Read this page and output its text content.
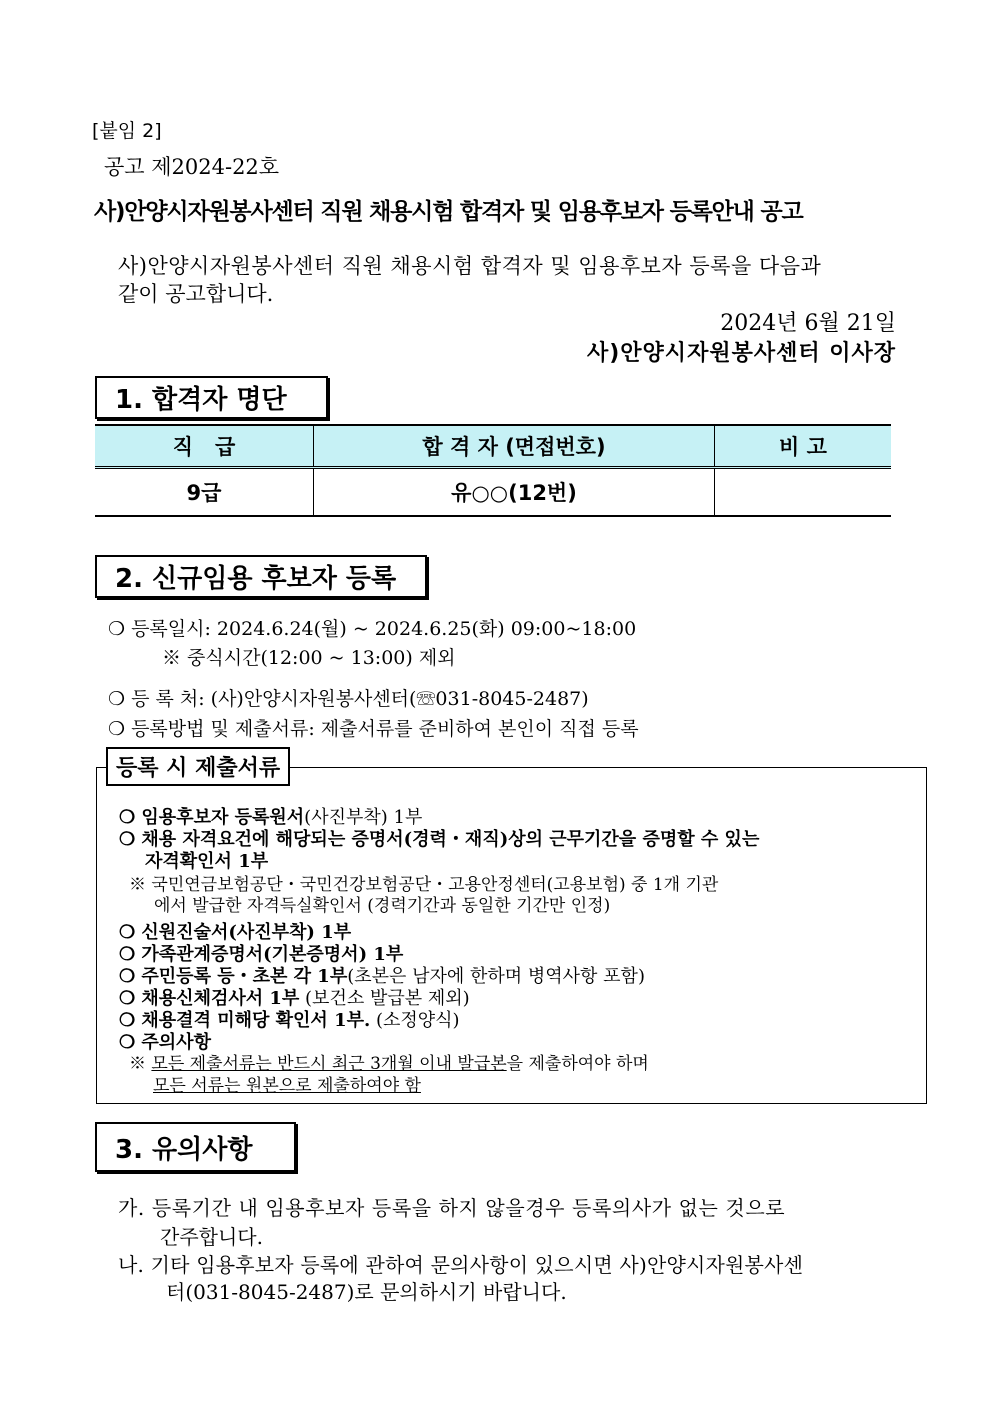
[붙임 2]
공고 제2024-22호
사)안양시자원봉사센터 직원 채용시험 합격자 및 임용후보자 등록안내 공고
사)안양시자원봉사센터 직원 채용시험 합격자 및 임용후보자 등록을 다음과
같이 공고합니다.
2024년 6월 21일
사)안양시자원봉사센터 이사장
1. 합격자 명단
직   급	합 격 자 (면접번호)	비 고
9급	유○○(12번)	
2. 신규임용 후보자 등록
❍ 등록일시: 2024.6.24(월) ~ 2024.6.25(화) 09:00~18:00
※ 중식시간(12:00 ~ 13:00) 제외
❍ 등 록 처: (사)안양시자원봉사센터(☏031-8045-2487)
❍ 등록방법 및 제출서류: 제출서류를 준비하여 본인이 직접 등록
등록 시 제출서류
❍ 임용후보자 등록원서(사진부착) 1부
❍ 채용 자격요건에 해당되는 증명서(경력・재직)상의 근무기간을 증명할 수 있는
자격확인서 1부
※ 국민연금보험공단・국민건강보험공단・고용안정센터(고용보험) 중 1개 기관
에서 발급한 자격득실확인서 (경력기간과 동일한 기간만 인정)
❍ 신원진술서(사진부착) 1부
❍ 가족관계증명서(기본증명서) 1부
❍ 주민등록 등・초본 각 1부(초본은 남자에 한하며 병역사항 포함)
❍ 채용신체검사서 1부 (보건소 발급본 제외)
❍ 채용결격 미해당 확인서 1부. (소정양식)
❍ 주의사항
※ 모든 제출서류는 반드시 최근 3개월 이내 발급본을 제출하여야 하며
모든 서류는 원본으로 제출하여야 함
3. 유의사항
가. 등록기간 내 임용후보자 등록을 하지 않을경우 등록의사가 없는 것으로
간주합니다.
나. 기타 임용후보자 등록에 관하여 문의사항이 있으시면 사)안양시자원봉사센
터(031-8045-2487)로 문의하시기 바랍니다.
